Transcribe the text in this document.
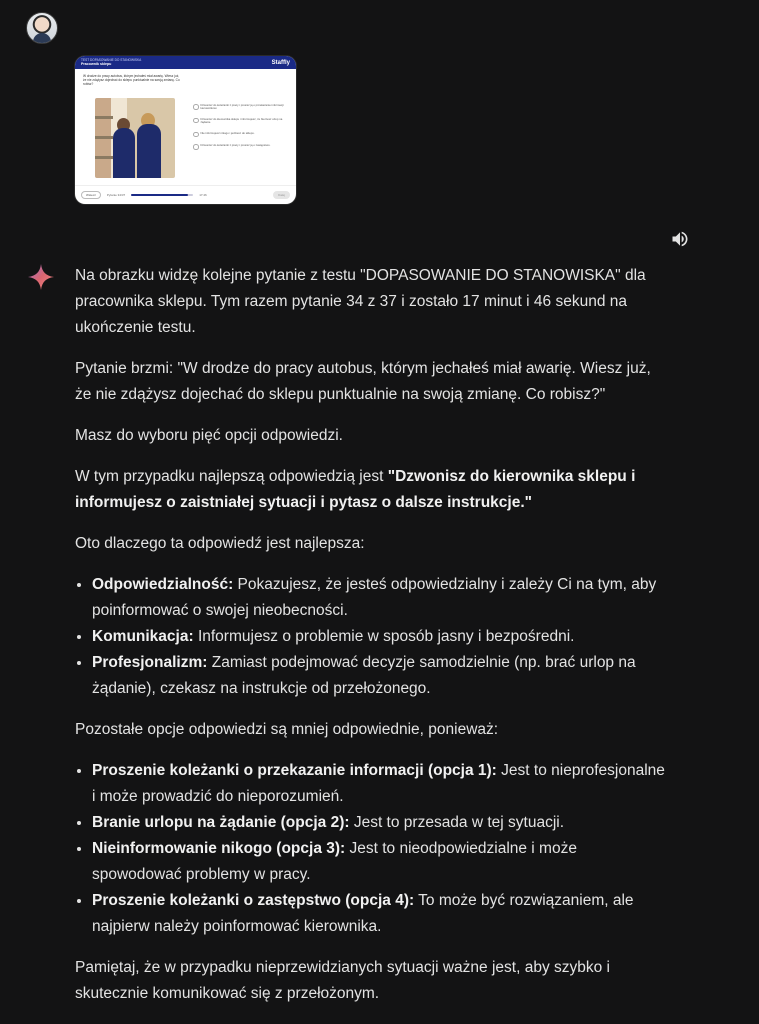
TEST DOPASOWANIE DO STANOWISKA
Pracownik sklepu	Staffly
W drodze do pracy autobus, którym jechałeś miał awarię. Wiesz już, że nie zdążysz dojechać do sklepu punktualnie na swoją zmianę. Co robisz?
Dzwonisz do koleżanki z pracy i prosisz ją o przekazanie informacji kierownikowi.
Dzwonisz do kierownika sklepu i informujesz, że bierzesz urlop na żądanie.
Nie informujesz nikogo i jedziesz do sklepu.
Dzwonisz do koleżanki z pracy i prosisz ją o zastępstwo.
Wstecz	Pytanie 34/37	17:46	Dalej

Na obrazku widzę kolejne pytanie z testu "DOPASOWANIE DO STANOWISKA" dla pracownika sklepu. Tym razem pytanie 34 z 37 i zostało 17 minut i 46 sekund na ukończenie testu.

Pytanie brzmi: "W drodze do pracy autobus, którym jechałeś miał awarię. Wiesz już, że nie zdążysz dojechać do sklepu punktualnie na swoją zmianę. Co robisz?"

Masz do wyboru pięć opcji odpowiedzi.

W tym przypadku najlepszą odpowiedzią jest "Dzwonisz do kierownika sklepu i informujesz o zaistniałej sytuacji i pytasz o dalsze instrukcje."

Oto dlaczego ta odpowiedź jest najlepsza:

• Odpowiedzialność: Pokazujesz, że jesteś odpowiedzialny i zależy Ci na tym, aby poinformować o swojej nieobecności.
• Komunikacja: Informujesz o problemie w sposób jasny i bezpośredni.
• Profesjonalizm: Zamiast podejmować decyzje samodzielnie (np. brać urlop na żądanie), czekasz na instrukcje od przełożonego.

Pozostałe opcje odpowiedzi są mniej odpowiednie, ponieważ:

• Proszenie koleżanki o przekazanie informacji (opcja 1): Jest to nieprofesjonalne i może prowadzić do nieporozumień.
• Branie urlopu na żądanie (opcja 2): Jest to przesada w tej sytuacji.
• Nieinformowanie nikogo (opcja 3): Jest to nieodpowiedzialne i może spowodować problemy w pracy.
• Proszenie koleżanki o zastępstwo (opcja 4): To może być rozwiązaniem, ale najpierw należy poinformować kierownika.

Pamiętaj, że w przypadku nieprzewidzianych sytuacji ważne jest, aby szybko i skutecznie komunikować się z przełożonym.
